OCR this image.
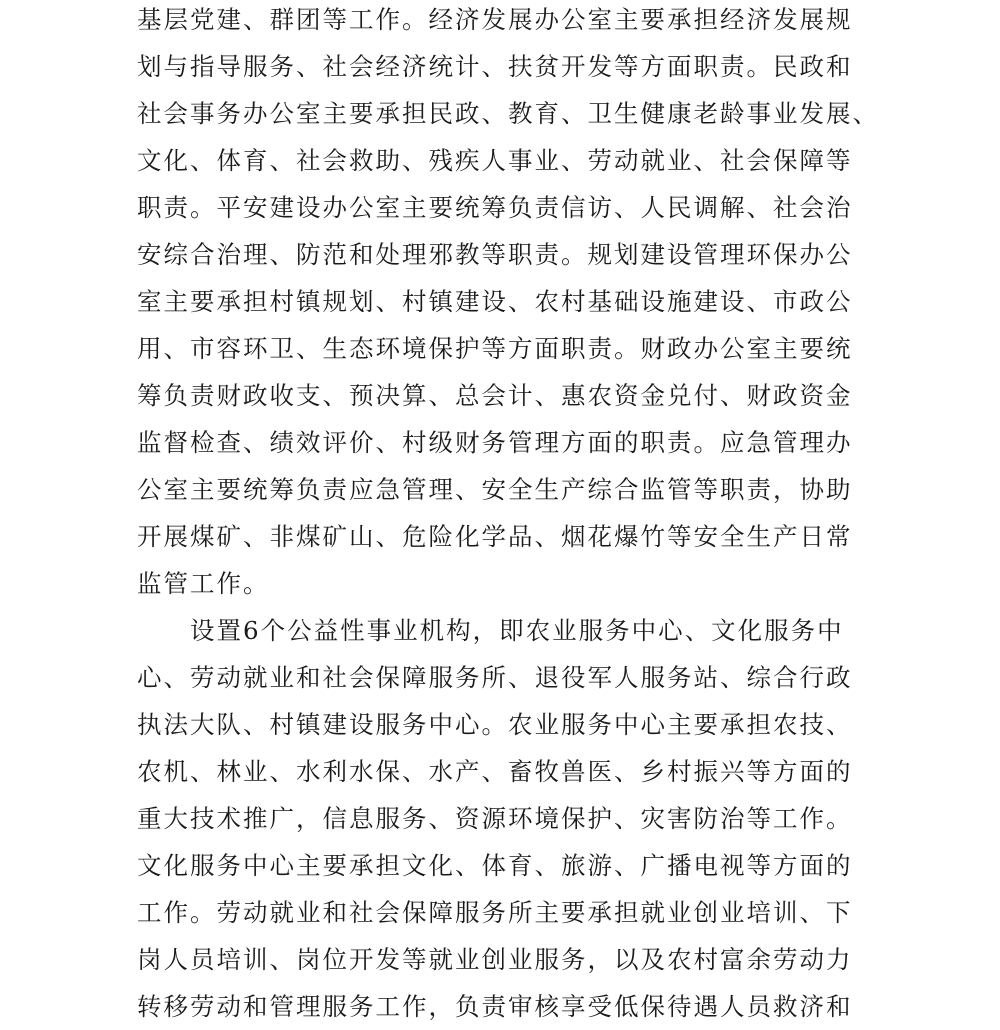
基层党建、群团等工作。经济发展办公室主要承担经济发展规
划与指导服务、社会经济统计、扶贫开发等方面职责。民政和
社会事务办公室主要承担民政、教育、卫生健康老龄事业发展、
文化、体育、社会救助、残疾人事业、劳动就业、社会保障等
职责。平安建设办公室主要统筹负责信访、人民调解、社会治
安综合治理、防范和处理邪教等职责。规划建设管理环保办公
室主要承担村镇规划、村镇建设、农村基础设施建设、市政公
用、市容环卫、生态环境保护等方面职责。财政办公室主要统
筹负责财政收支、预决算、总会计、惠农资金兑付、财政资金
监督检查、绩效评价、村级财务管理方面的职责。应急管理办
公室主要统筹负责应急管理、安全生产综合监管等职责，协助
开展煤矿、非煤矿山、危险化学品、烟花爆竹等安全生产日常
监管工作。
设置6个公益性事业机构，即农业服务中心、文化服务中
心、劳动就业和社会保障服务所、退役军人服务站、综合行政
执法大队、村镇建设服务中心。农业服务中心主要承担农技、
农机、林业、水利水保、水产、畜牧兽医、乡村振兴等方面的
重大技术推广，信息服务、资源环境保护、灾害防治等工作。
文化服务中心主要承担文化、体育、旅游、广播电视等方面的
工作。劳动就业和社会保障服务所主要承担就业创业培训、下
岗人员培训、岗位开发等就业创业服务，以及农村富余劳动力
转移劳动和管理服务工作，负责审核享受低保待遇人员救济和
